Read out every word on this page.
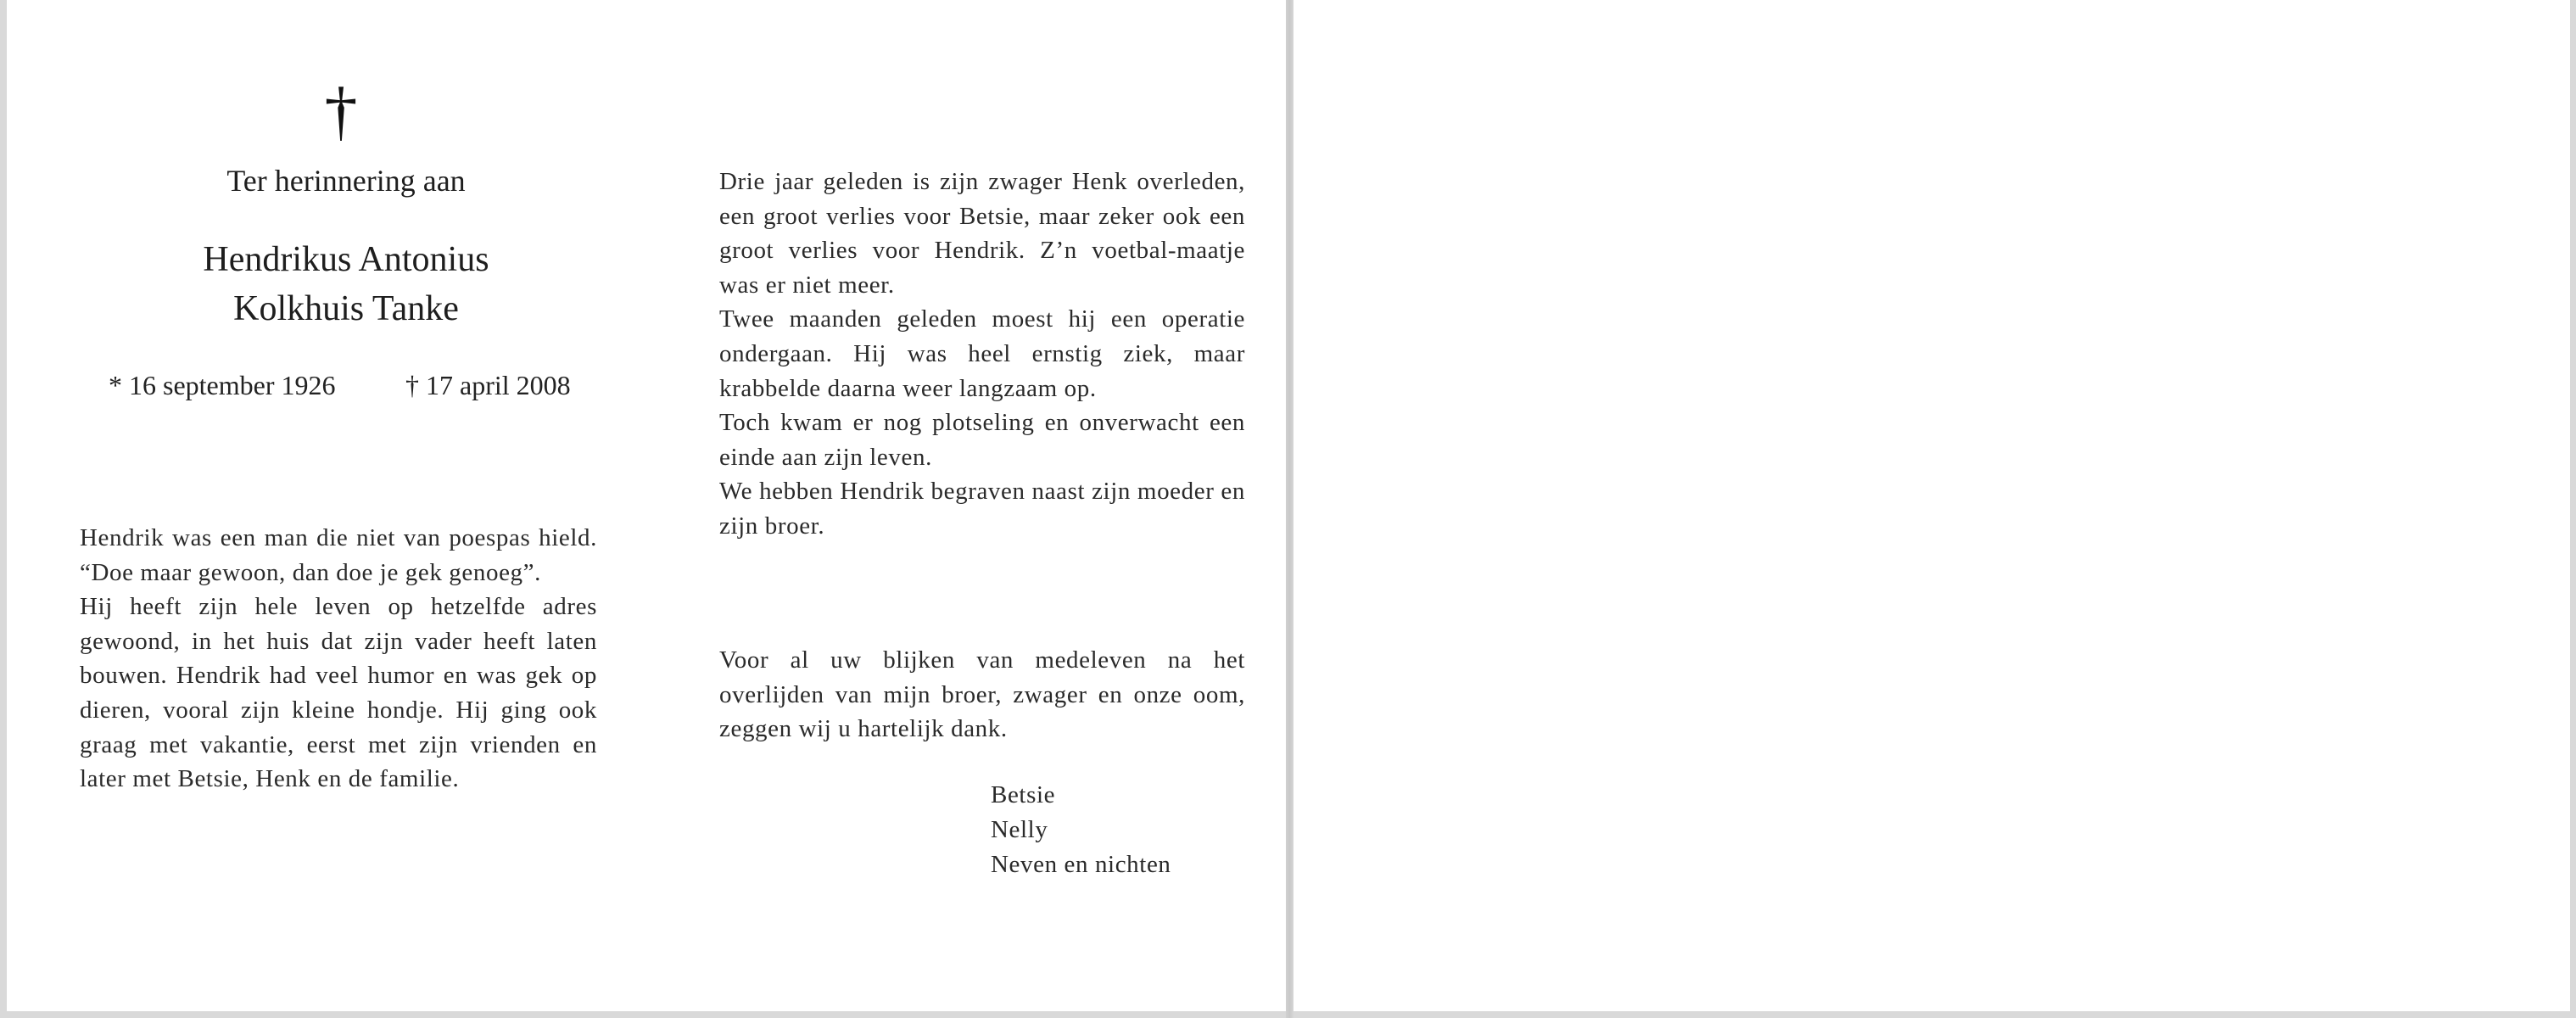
†
Ter herinnering aan
Hendrikus Antonius
Kolkhuis Tanke
* 16 september 1926	† 17 april 2008

Hendrik was een man die niet van poespas hield. “Doe maar gewoon, dan doe je gek genoeg”.

Hij heeft zijn hele leven op hetzelfde adres gewoond, in het huis dat zijn vader heeft laten bouwen. Hendrik had veel humor en was gek op dieren, vooral zijn kleine hondje. Hij ging ook graag met vakantie, eerst met zijn vrienden en later met Betsie, Henk en de familie.

Drie jaar geleden is zijn zwager Henk overleden, een groot verlies voor Betsie, maar zeker ook een groot verlies voor Hendrik. Z’n voetbal-maatje was er niet meer.

Twee maanden geleden moest hij een operatie ondergaan. Hij was heel ernstig ziek, maar krabbelde daarna weer langzaam op.

Toch kwam er nog plotseling en onverwacht een einde aan zijn leven.

We hebben Hendrik begraven naast zijn moeder en zijn broer.

Voor al uw blijken van medeleven na het overlijden van mijn broer, zwager en onze oom, zeggen wij u hartelijk dank.

Betsie
Nelly
Neven en nichten
